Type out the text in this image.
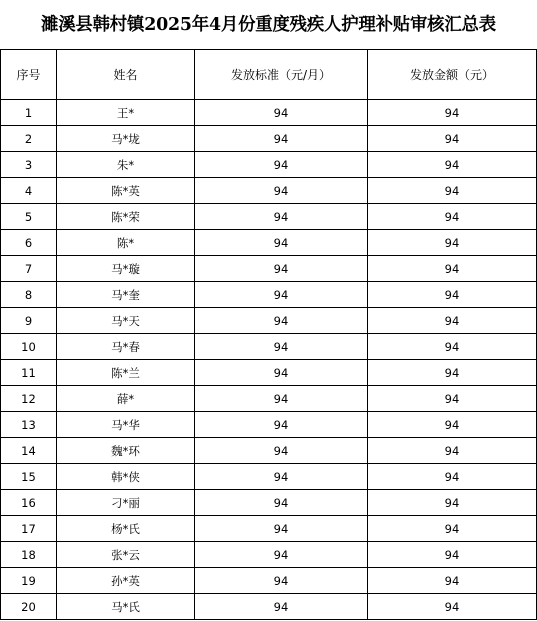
濉溪县韩村镇2025年4月份重度残疾人护理补贴审核汇总表
序号	姓名	发放标准（元/月）	发放金额（元）
1	王*	94	94
2	马*垅	94	94
3	朱*	94	94
4	陈*英	94	94
5	陈*荣	94	94
6	陈*	94	94
7	马*璇	94	94
8	马*奎	94	94
9	马*天	94	94
10	马*春	94	94
11	陈*兰	94	94
12	薛*	94	94
13	马*华	94	94
14	魏*环	94	94
15	韩*侠	94	94
16	刁*丽	94	94
17	杨*氏	94	94
18	张*云	94	94
19	孙*英	94	94
20	马*氏	94	94
